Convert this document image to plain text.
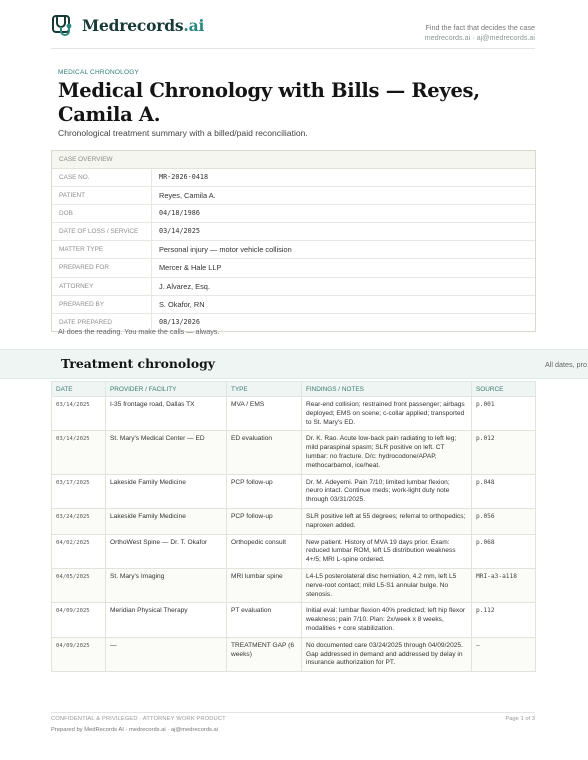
Medrecords.ai	Find the fact that decides the case
medrecords.ai · aj@medrecords.ai
MEDICAL CHRONOLOGY
Medical Chronology with Bills — Reyes, Camila A.
Chronological treatment summary with a billed/paid reconciliation.
CASE OVERVIEW
CASE NO.	MR-2026-0418
PATIENT	Reyes, Camila A.
DOB	04/18/1986
DATE OF LOSS / SERVICE	03/14/2025
MATTER TYPE	Personal injury — motor vehicle collision
PREPARED FOR	Mercer & Hale LLP
ATTORNEY	J. Alvarez, Esq.
PREPARED BY	S. Okafor, RN
DATE PREPARED	08/13/2026
AI does the reading. You make the calls — always.
Treatment chronology	All dates, pro
DATE	PROVIDER / FACILITY	TYPE	FINDINGS / NOTES	SOURCE
03/14/2025	I-35 frontage road, Dallas TX	MVA / EMS	Rear-end collision; restrained front passenger; airbags deployed; EMS on scene; c-collar applied; transported to St. Mary's ED.	p.001
03/14/2025	St. Mary's Medical Center — ED	ED evaluation	Dr. K. Rao. Acute low-back pain radiating to left leg; mild paraspinal spasm; SLR positive on left. CT lumbar: no fracture. D/c: hydrocodone/APAP, methocarbamol, ice/heat.	p.012
03/17/2025	Lakeside Family Medicine	PCP follow-up	Dr. M. Adeyemi. Pain 7/10; limited lumbar flexion; neuro intact. Continue meds; work-light duty note through 03/31/2025.	p.048
03/24/2025	Lakeside Family Medicine	PCP follow-up	SLR positive left at 55 degrees; referral to orthopedics; naproxen added.	p.056
04/02/2025	OrthoWest Spine — Dr. T. Okafor	Orthopedic consult	New patient. History of MVA 19 days prior. Exam: reduced lumbar ROM, left L5 distribution weakness 4+/5; MRI L-spine ordered.	p.068
04/05/2025	St. Mary's Imaging	MRI lumbar spine	L4-L5 posterolateral disc herniation, 4.2 mm, left L5 nerve-root contact; mild L5-S1 annular bulge. No stenosis.	MRI-a3-a118
04/09/2025	Meridian Physical Therapy	PT evaluation	Initial eval: lumbar flexion 40% predicted; left hip flexor weakness; pain 7/10. Plan: 2x/week x 8 weeks, modalities + core stabilization.	p.112
04/09/2025	—	TREATMENT GAP (6 weeks)	No documented care 03/24/2025 through 04/09/2025. Gap addressed in demand and addressed by delay in insurance authorization for PT.	—
CONFIDENTIAL & PRIVILEGED · ATTORNEY WORK PRODUCT
Prepared by MedRecords AI · medrecords.ai · aj@medrecords.ai
Page 1 of 3
